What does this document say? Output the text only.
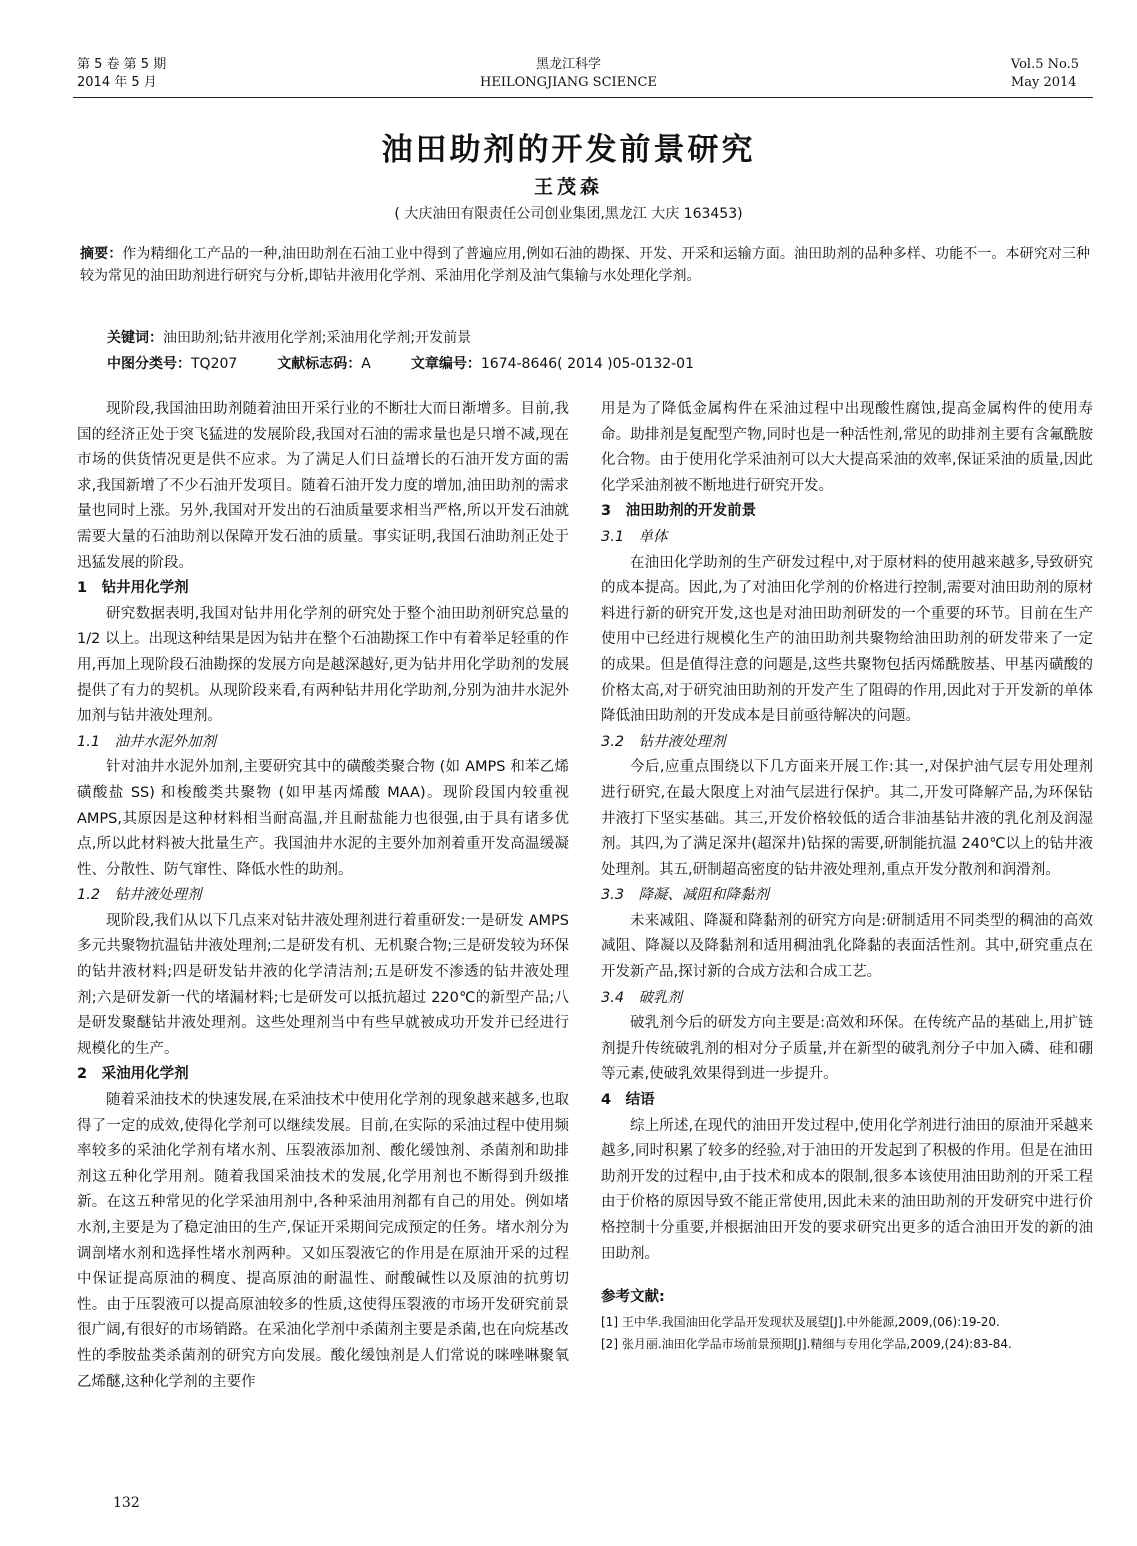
第 5 卷 第 5 期
2014 年 5 月
黑龙江科学
HEILONGJIANG SCIENCE
Vol.5 No.5
May 2014
油田助剂的开发前景研究
王茂森
( 大庆油田有限责任公司创业集团,黑龙江 大庆 163453)
摘要：作为精细化工产品的一种,油田助剂在石油工业中得到了普遍应用,例如石油的勘探、开发、开采和运输方面。油田助剂的品种多样、功能不一。本研究对三种较为常见的油田助剂进行研究与分析,即钻井液用化学剂、采油用化学剂及油气集输与水处理化学剂。
关键词：油田助剂;钻井液用化学剂;采油用化学剂;开发前景
中图分类号：TQ207	文献标志码：A	文章编号：1674-8646( 2014 )05-0132-01

现阶段,我国油田助剂随着油田开采行业的不断壮大而日渐增多。目前,我国的经济正处于突飞猛进的发展阶段,我国对石油的需求量也是只增不减,现在市场的供货情况更是供不应求。为了满足人们日益增长的石油开发方面的需求,我国新增了不少石油开发项目。随着石油开发力度的增加,油田助剂的需求量也同时上涨。另外,我国对开发出的石油质量要求相当严格,所以开发石油就需要大量的石油助剂以保障开发石油的质量。事实证明,我国石油助剂正处于迅猛发展的阶段。

1　钻井用化学剂

研究数据表明,我国对钻井用化学剂的研究处于整个油田助剂研究总量的 1/2 以上。出现这种结果是因为钻井在整个石油勘探工作中有着举足轻重的作用,再加上现阶段石油勘探的发展方向是越深越好,更为钻井用化学助剂的发展提供了有力的契机。从现阶段来看,有两种钻井用化学助剂,分别为油井水泥外加剂与钻井液处理剂。

1.1　油井水泥外加剂

针对油井水泥外加剂,主要研究其中的磺酸类聚合物 (如 AMPS 和苯乙烯磺酸盐 SS) 和梭酸类共聚物 (如甲基丙烯酸 MAA)。现阶段国内较重视 AMPS,其原因是这种材料相当耐高温,并且耐盐能力也很强,由于具有诸多优点,所以此材料被大批量生产。我国油井水泥的主要外加剂着重开发高温缓凝性、分散性、防气窜性、降低水性的助剂。

1.2　钻井液处理剂

现阶段,我们从以下几点来对钻井液处理剂进行着重研发:一是研发 AMPS 多元共聚物抗温钻井液处理剂;二是研发有机、无机聚合物;三是研发较为环保的钻井液材料;四是研发钻井液的化学清洁剂;五是研发不渗透的钻井液处理剂;六是研发新一代的堵漏材料;七是研发可以抵抗超过 220℃的新型产品;八是研发聚醚钻井液处理剂。这些处理剂当中有些早就被成功开发并已经进行规模化的生产。

2　采油用化学剂

随着采油技术的快速发展,在采油技术中使用化学剂的现象越来越多,也取得了一定的成效,使得化学剂可以继续发展。目前,在实际的采油过程中使用频率较多的采油化学剂有堵水剂、压裂液添加剂、酸化缓蚀剂、杀菌剂和助排剂这五种化学用剂。随着我国采油技术的发展,化学用剂也不断得到升级推新。在这五种常见的化学采油用剂中,各种采油用剂都有自己的用处。例如堵水剂,主要是为了稳定油田的生产,保证开采期间完成预定的任务。堵水剂分为调剖堵水剂和选择性堵水剂两种。又如压裂液它的作用是在原油开采的过程中保证提高原油的稠度、提高原油的耐温性、耐酸碱性以及原油的抗剪切性。由于压裂液可以提高原油较多的性质,这使得压裂液的市场开发研究前景很广阔,有很好的市场销路。在采油化学剂中杀菌剂主要是杀菌,也在向烷基改性的季胺盐类杀菌剂的研究方向发展。酸化缓蚀剂是人们常说的咪唑啉聚氧乙烯醚,这种化学剂的主要作

用是为了降低金属构件在采油过程中出现酸性腐蚀,提高金属构件的使用寿命。助排剂是复配型产物,同时也是一种活性剂,常见的助排剂主要有含氟酰胺化合物。由于使用化学采油剂可以大大提高采油的效率,保证采油的质量,因此化学采油剂被不断地进行研究开发。

3　油田助剂的开发前景

3.1　单体

在油田化学助剂的生产研发过程中,对于原材料的使用越来越多,导致研究的成本提高。因此,为了对油田化学剂的价格进行控制,需要对油田助剂的原材料进行新的研究开发,这也是对油田助剂研发的一个重要的环节。目前在生产使用中已经进行规模化生产的油田助剂共聚物给油田助剂的研发带来了一定的成果。但是值得注意的问题是,这些共聚物包括丙烯酰胺基、甲基丙磺酸的价格太高,对于研究油田助剂的开发产生了阻碍的作用,因此对于开发新的单体降低油田助剂的开发成本是目前亟待解决的问题。

3.2　钻井液处理剂

今后,应重点围绕以下几方面来开展工作:其一,对保护油气层专用处理剂进行研究,在最大限度上对油气层进行保护。其二,开发可降解产品,为环保钻井液打下坚实基础。其三,开发价格较低的适合非油基钻井液的乳化剂及润湿剂。其四,为了满足深井(超深井)钻探的需要,研制能抗温 240℃以上的钻井液处理剂。其五,研制超高密度的钻井液处理剂,重点开发分散剂和润滑剂。

3.3　降凝、减阻和降黏剂

未来减阻、降凝和降黏剂的研究方向是:研制适用不同类型的稠油的高效减阻、降凝以及降黏剂和适用稠油乳化降黏的表面活性剂。其中,研究重点在开发新产品,探讨新的合成方法和合成工艺。

3.4　破乳剂

破乳剂今后的研发方向主要是:高效和环保。在传统产品的基础上,用扩链剂提升传统破乳剂的相对分子质量,并在新型的破乳剂分子中加入磷、硅和硼等元素,使破乳效果得到进一步提升。

4　结语

综上所述,在现代的油田开发过程中,使用化学剂进行油田的原油开采越来越多,同时积累了较多的经验,对于油田的开发起到了积极的作用。但是在油田助剂开发的过程中,由于技术和成本的限制,很多本该使用油田助剂的开采工程由于价格的原因导致不能正常使用,因此未来的油田助剂的开发研究中进行价格控制十分重要,并根据油田开发的要求研究出更多的适合油田开发的新的油田助剂。

参考文献:

[1] 王中华.我国油田化学品开发现状及展望[J].中外能源,2009,(06):19-20.

[2] 张月丽.油田化学品市场前景预期[J].精细与专用化学品,2009,(24):83-84.

132
